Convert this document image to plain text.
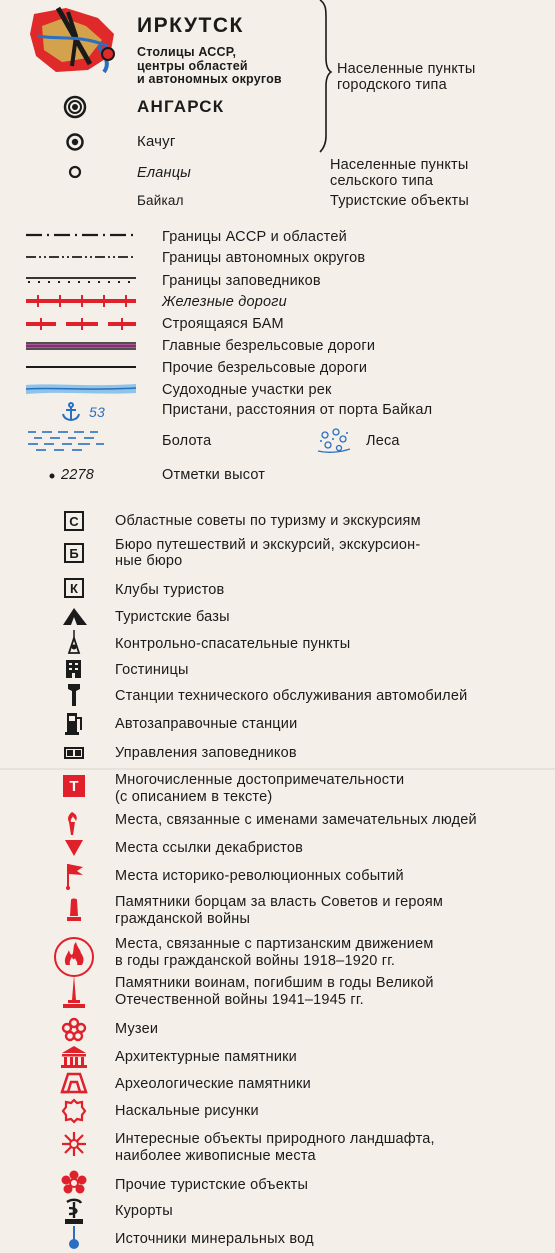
ИРКУТСК
Столицы АССР,
центры областей
и автономных округов
АНГАРСК
Качуг
Еланцы
Байкал
Населенные пункты
городского типа
Населенные пункты
сельского типа
Туристские объекты
Границы АССР и областей
Границы автономных округов
Границы заповедников
Железные дороги
Строящаяся БАМ
Главные безрельсовые дороги
Прочие безрельсовые дороги
Судоходные участки рек
53	Пристани, расстояния от порта Байкал
Болота	Леса
2278	Отметки высот
С	Областные советы по туризму и экскурсиям
Б	Бюро путешествий и экскурсий, экскурсион-
ные бюро
К	Клубы туристов
Туристские базы
Контрольно-спасательные пункты
Гостиницы
Станции технического обслуживания автомобилей
Автозаправочные станции
Управления заповедников
Т	Многочисленные достопримечательности
(с описанием в тексте)
Места, связанные с именами замечательных людей
Места ссылки декабристов
Места историко-революционных событий
Памятники борцам за власть Советов и героям
гражданской войны
Места, связанные с партизанским движением
в годы гражданской войны 1918–1920 гг.
Памятники воинам, погибшим в годы Великой
Отечественной войны 1941–1945 гг.
Музеи
Архитектурные памятники
Археологические памятники
Наскальные рисунки
Интересные объекты природного ландшафта,
наиболее живописные места
Прочие туристские объекты
Курорты
Источники минеральных вод
